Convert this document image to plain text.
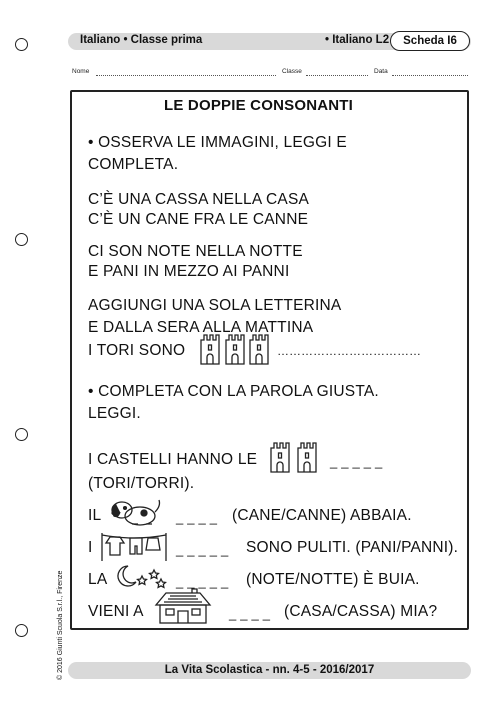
Italiano • Classe prima	• Italiano L2	Scheda I6
Nome	Classe	Data
LE DOPPIE CONSONANTI
• OSSERVA LE IMMAGINI, LEGGI E
COMPLETA.
C’È UNA CASSA NELLA CASA
C’È UN CANE FRA LE CANNE
CI SON NOTE NELLA NOTTE
E PANI IN MEZZO AI PANNI
AGGIUNGI UNA SOLA LETTERINA
E DALLA SERA ALLA MATTINA
I TORI SONO	………………………………
• COMPLETA CON LA PAROLA GIUSTA.
LEGGI.
I CASTELLI HANNO LE	_ _ _ _ _
(TORI/TORRI).
IL	_ _ _ _ (CANE/CANNE) ABBAIA.
I	_ _ _ _ _ SONO PULITI. (PANI/PANNI).
LA	_ _ _ _ _ (NOTE/NOTTE) È BUIA.
VIENI A	_ _ _ _ (CASA/CASSA) MIA?
© 2016 Giunti Scuola S.r.l., Firenze	La Vita Scolastica - nn. 4-5 - 2016/2017
